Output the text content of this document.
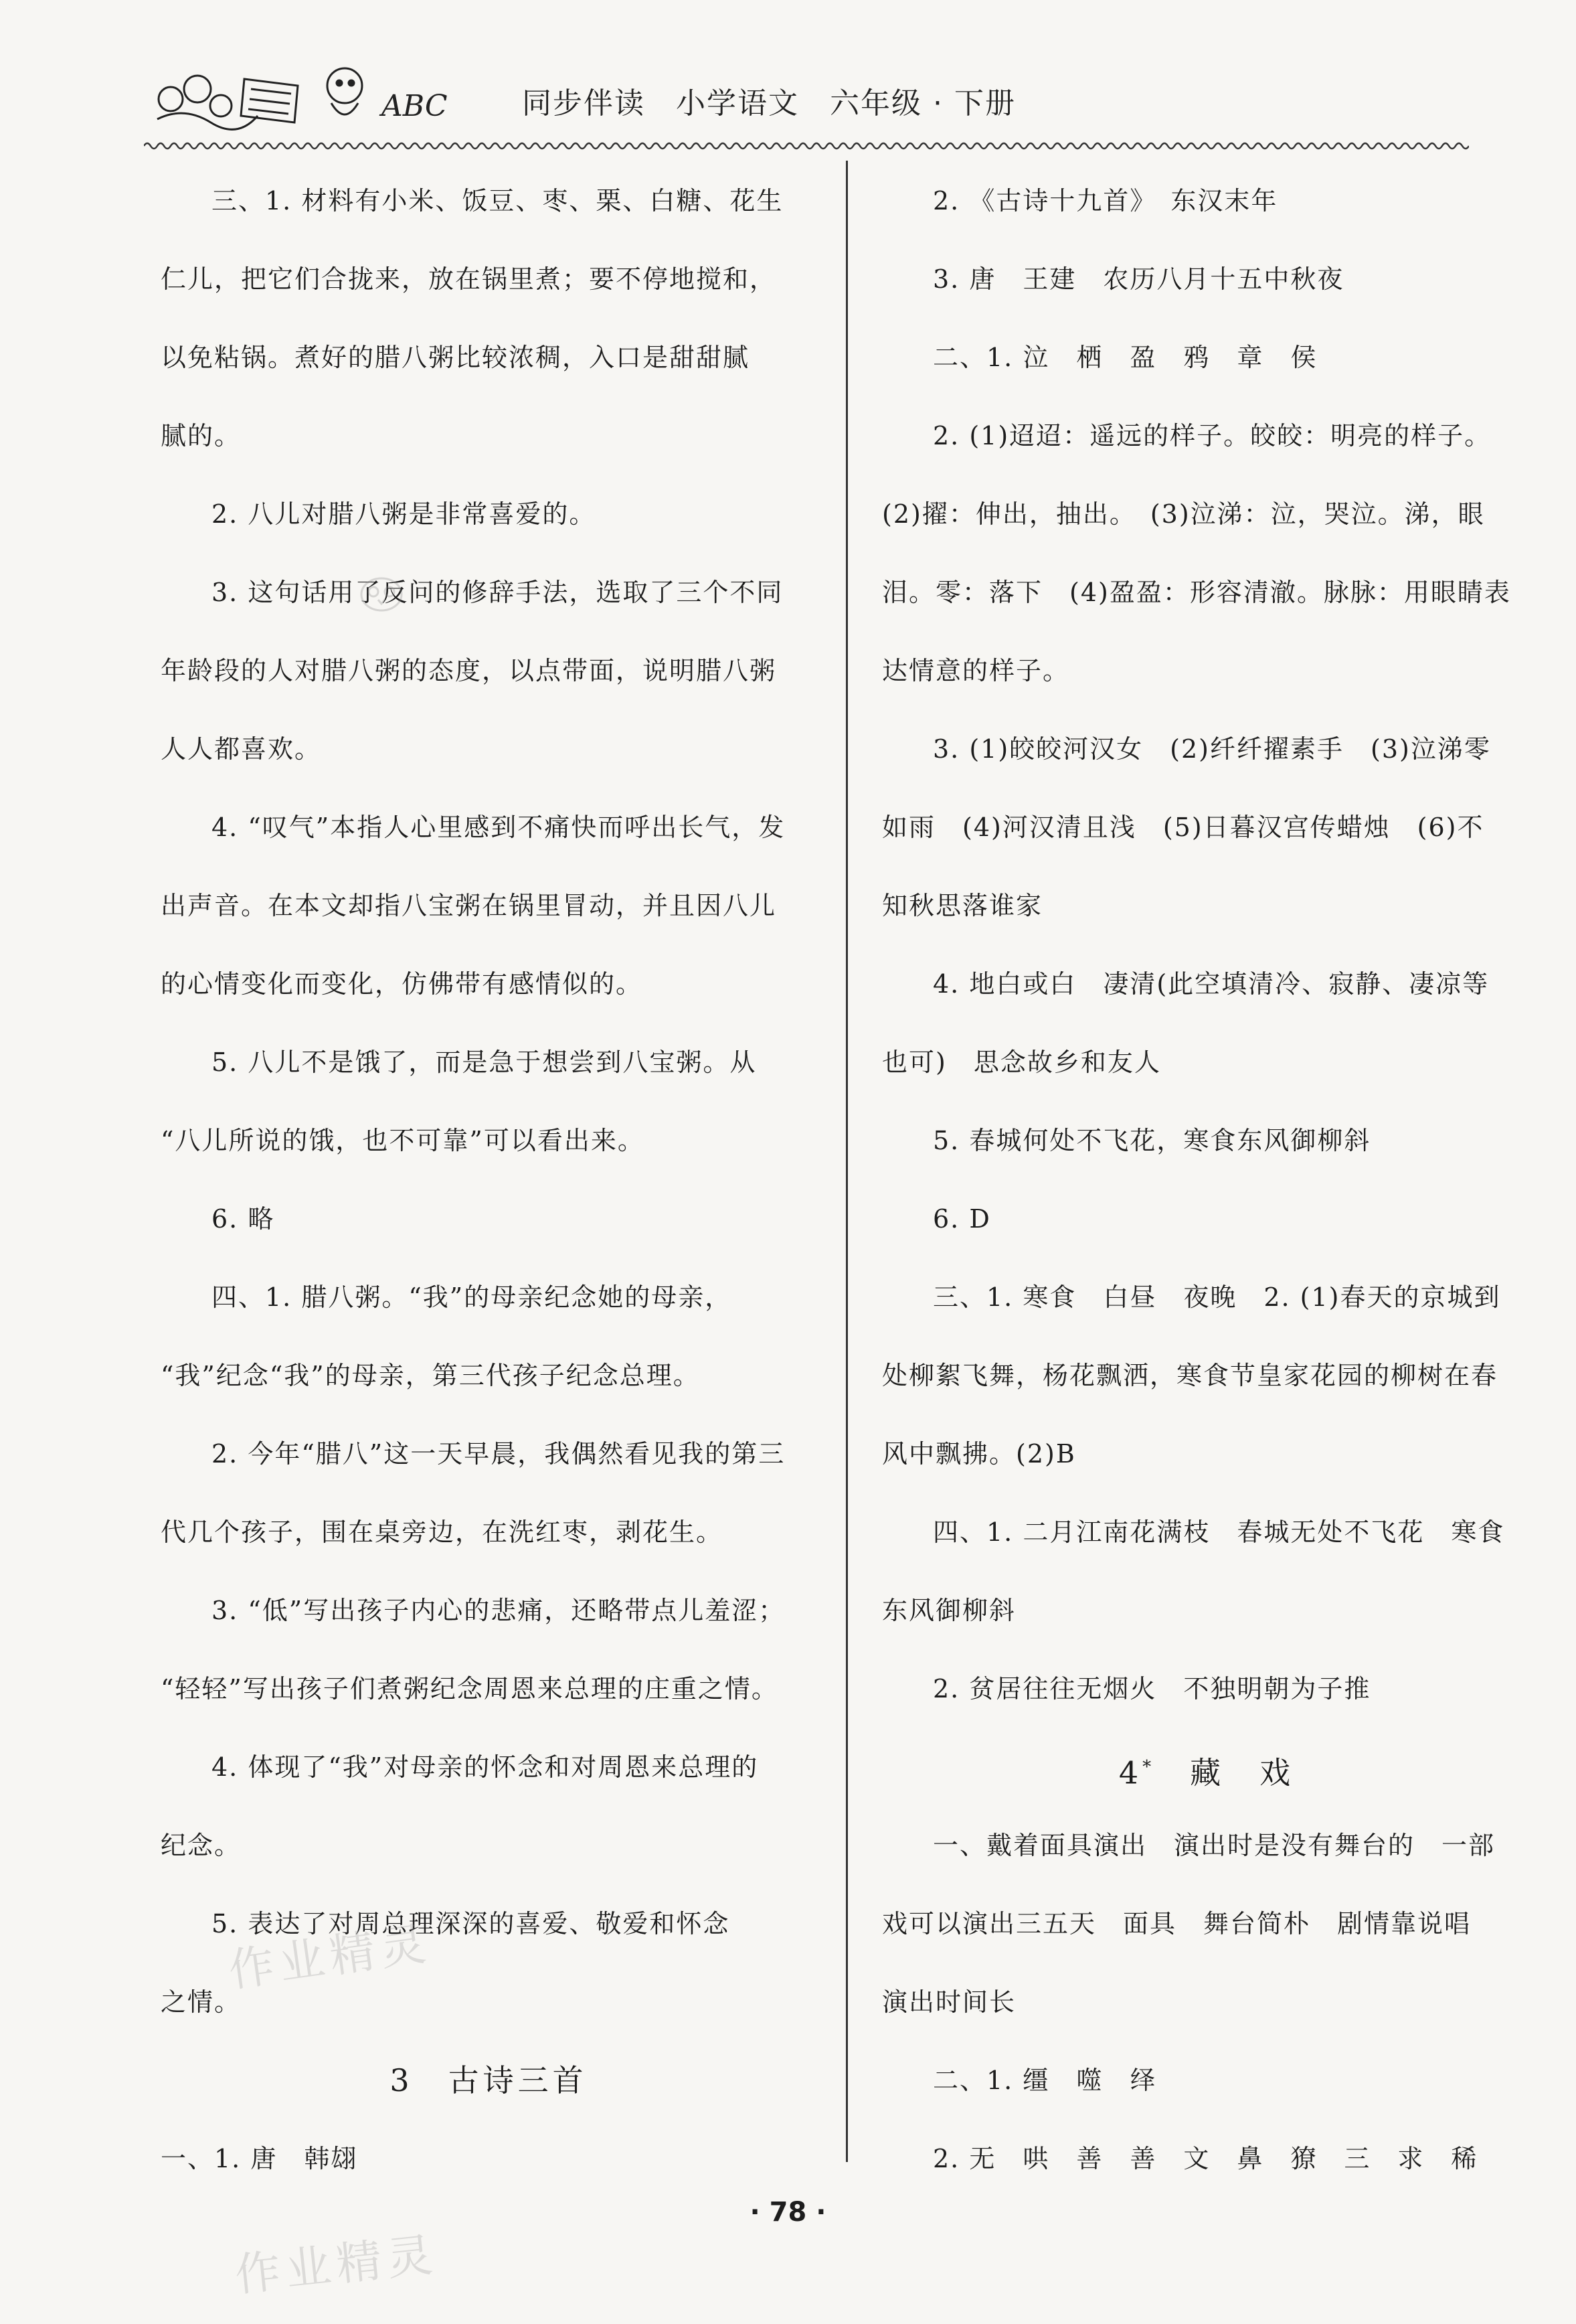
ABC	同步伴读　小学语文　六年级 · 下册
三、1. 材料有小米、饭豆、枣、栗、白糖、花生
仁儿，把它们合拢来，放在锅里煮；要不停地搅和，
以免粘锅。煮好的腊八粥比较浓稠，入口是甜甜腻
腻的。
2. 八儿对腊八粥是非常喜爱的。
3. 这句话用了反问的修辞手法，选取了三个不同
年龄段的人对腊八粥的态度，以点带面，说明腊八粥
人人都喜欢。
4. “叹气”本指人心里感到不痛快而呼出长气，发
出声音。在本文却指八宝粥在锅里冒动，并且因八儿
的心情变化而变化，仿佛带有感情似的。
5. 八儿不是饿了，而是急于想尝到八宝粥。从
“八儿所说的饿，也不可靠”可以看出来。
6. 略
四、1. 腊八粥。“我”的母亲纪念她的母亲，
“我”纪念“我”的母亲，第三代孩子纪念总理。
2. 今年“腊八”这一天早晨，我偶然看见我的第三
代几个孩子，围在桌旁边，在洗红枣，剥花生。
3. “低”写出孩子内心的悲痛，还略带点儿羞涩；
“轻轻”写出孩子们煮粥纪念周恩来总理的庄重之情。
4. 体现了“我”对母亲的怀念和对周恩来总理的
纪念。
5. 表达了对周总理深深的喜爱、敬爱和怀念
之情。
3　古诗三首
一、1. 唐　韩翃
2. 《古诗十九首》　东汉末年
3. 唐　王建　农历八月十五中秋夜
二、1. 泣　栖　盈　鸦　章　侯
2. (1)迢迢：遥远的样子。皎皎：明亮的样子。
(2)擢：伸出，抽出。　(3)泣涕：泣，哭泣。涕，眼
泪。零：落下　(4)盈盈：形容清澈。脉脉：用眼睛表
达情意的样子。
3. (1)皎皎河汉女　(2)纤纤擢素手　(3)泣涕零
如雨　(4)河汉清且浅　(5)日暮汉宫传蜡烛　(6)不
知秋思落谁家
4. 地白或白　凄清(此空填清冷、寂静、凄凉等
也可)　思念故乡和友人
5. 春城何处不飞花，寒食东风御柳斜
6. D
三、1. 寒食　白昼　夜晚　2. (1)春天的京城到
处柳絮飞舞，杨花飘洒，寒食节皇家花园的柳树在春
风中飘拂。(2)B
四、1. 二月江南花满枝　春城无处不飞花　寒食
东风御柳斜
2. 贫居往往无烟火　不独明朝为子推
4*　藏　戏
一、戴着面具演出　演出时是没有舞台的　一部
戏可以演出三五天　面具　舞台简朴　剧情靠说唱
演出时间长
二、1. 缰　噬　绎
2. 无　哄　善　善　文　鼻　獠　三　求　稀
作业精灵
作业精灵
· 78 ·
